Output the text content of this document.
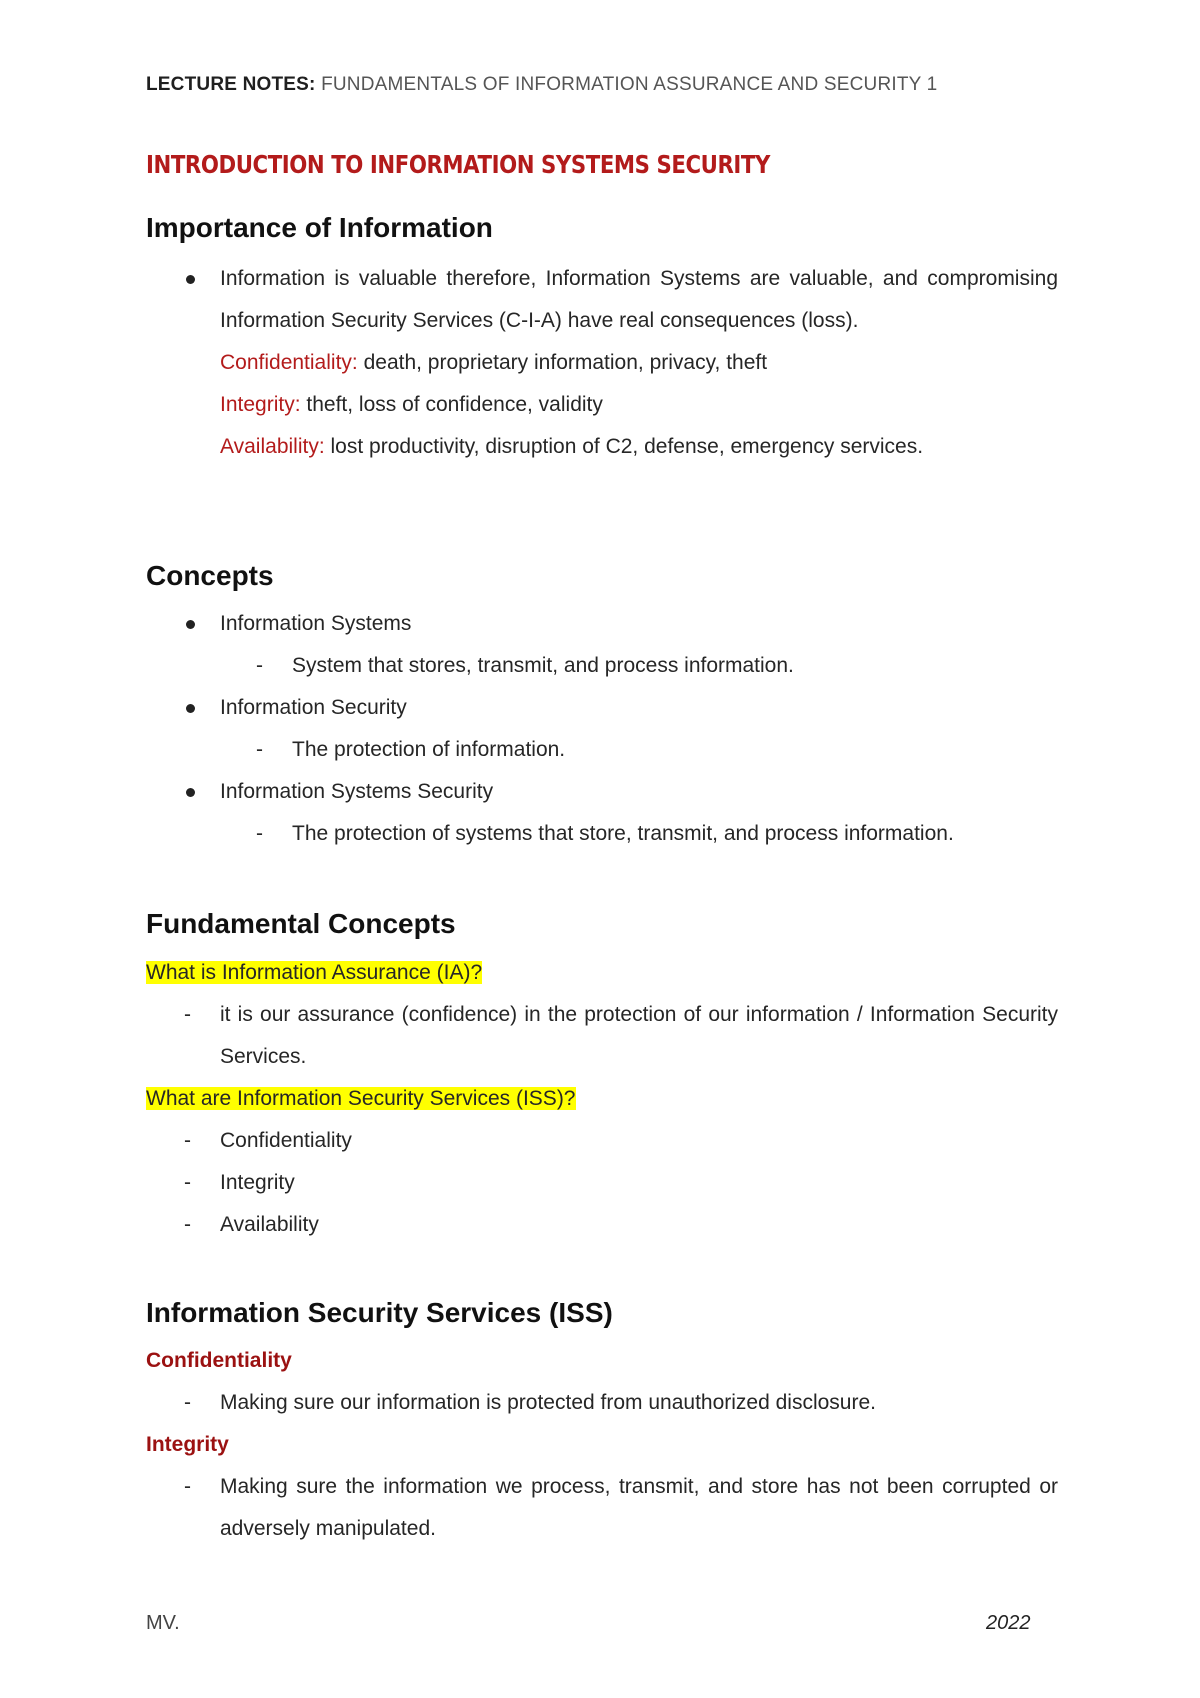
LECTURE NOTES: FUNDAMENTALS OF INFORMATION ASSURANCE AND SECURITY 1
INTRODUCTION TO INFORMATION SYSTEMS SECURITY
Importance of Information
Information is valuable therefore, Information Systems are valuable, and compromising Information Security Services (C-I-A) have real consequences (loss).
Confidentiality: death, proprietary information, privacy, theft
Integrity: theft, loss of confidence, validity
Availability: lost productivity, disruption of C2, defense, emergency services.
Concepts
Information Systems
- System that stores, transmit, and process information.
Information Security
- The protection of information.
Information Systems Security
- The protection of systems that store, transmit, and process information.
Fundamental Concepts
What is Information Assurance (IA)?
- it is our assurance (confidence) in the protection of our information / Information Security Services.
What are Information Security Services (ISS)?
- Confidentiality
- Integrity
- Availability
Information Security Services (ISS)
Confidentiality
- Making sure our information is protected from unauthorized disclosure.
Integrity
- Making sure the information we process, transmit, and store has not been corrupted or adversely manipulated.
MV.	2022
